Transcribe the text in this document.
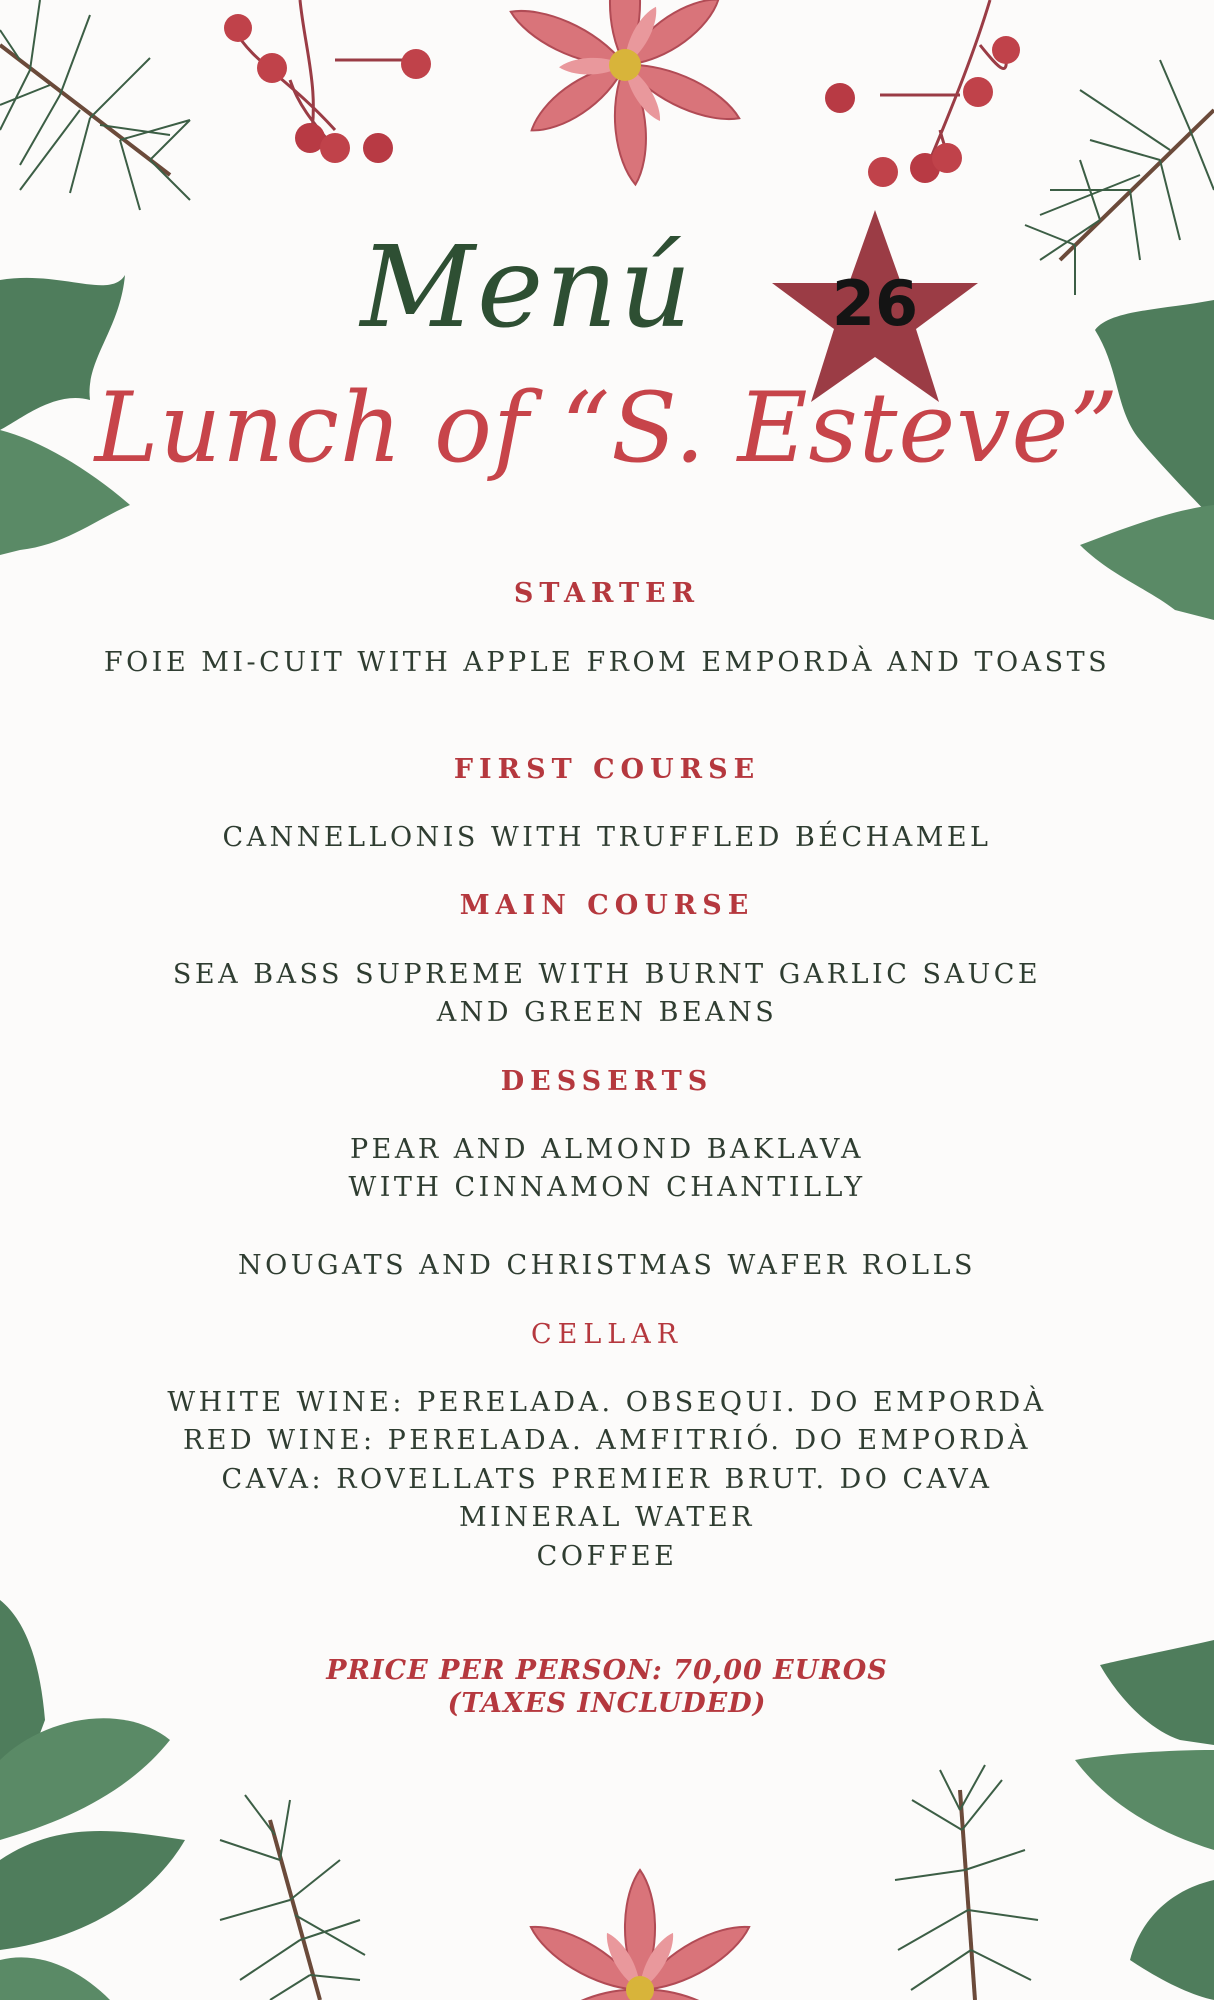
Menú	26
Lunch of “S. Esteve”
STARTER
FOIE MI-CUIT WITH APPLE FROM EMPORDÀ AND TOASTS
FIRST COURSE
CANNELLONIS WITH TRUFFLED BÉCHAMEL
MAIN COURSE
SEA BASS SUPREME WITH BURNT GARLIC SAUCE
AND GREEN BEANS
DESSERTS
PEAR AND ALMOND BAKLAVA
WITH CINNAMON CHANTILLY
NOUGATS AND CHRISTMAS WAFER ROLLS
CELLAR
WHITE WINE: PERELADA. OBSEQUI. DO EMPORDÀ
RED WINE: PERELADA. AMFITRIÓ. DO EMPORDÀ
CAVA: ROVELLATS PREMIER BRUT. DO CAVA
MINERAL WATER
COFFEE
PRICE PER PERSON: 70,00 EUROS
(TAXES INCLUDED)
